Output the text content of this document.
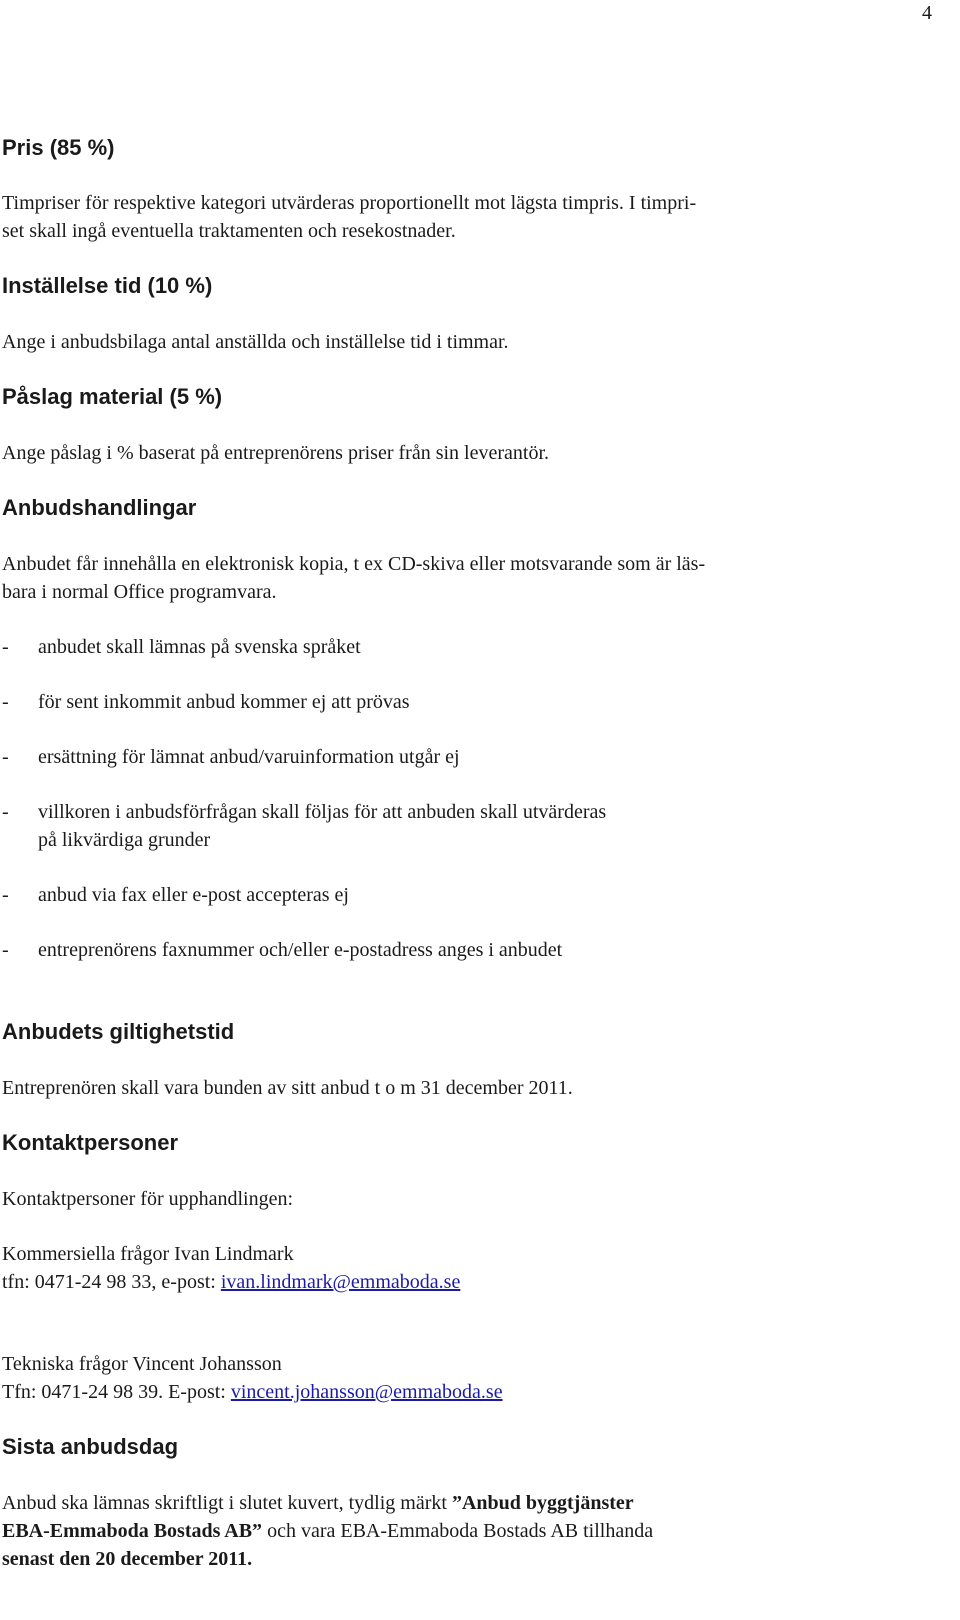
4
Pris (85 %)
Timpriser för respektive kategori utvärderas proportionellt mot lägsta timpris. I timpri-
set skall ingå eventuella traktamenten och resekostnader.
Inställelse tid (10 %)
Ange i anbudsbilaga antal anställda och inställelse tid i timmar.
Påslag material (5 %)
Ange påslag i % baserat på entreprenörens priser från sin leverantör.
Anbudshandlingar
Anbudet får innehålla en elektronisk kopia, t ex CD-skiva eller motsvarande som är läs-
bara i normal Office programvara.
- anbudet skall lämnas på svenska språket
- för sent inkommit anbud kommer ej att prövas
- ersättning för lämnat anbud/varuinformation utgår ej
- villkoren i anbudsförfrågan skall följas för att anbuden skall utvärderas
på likvärdiga grunder
- anbud via fax eller e-post accepteras ej
- entreprenörens faxnummer och/eller e-postadress anges i anbudet
Anbudets giltighetstid
Entreprenören skall vara bunden av sitt anbud t o m 31 december 2011.
Kontaktpersoner
Kontaktpersoner för upphandlingen:
Kommersiella frågor Ivan Lindmark
tfn: 0471-24 98 33, e-post: ivan.lindmark@emmaboda.se
Tekniska frågor Vincent Johansson
Tfn: 0471-24 98 39. E-post: vincent.johansson@emmaboda.se
Sista anbudsdag
Anbud ska lämnas skriftligt i slutet kuvert, tydlig märkt ”Anbud byggtjänster
EBA-Emmaboda Bostads AB” och vara EBA-Emmaboda Bostads AB tillhanda
senast den 20 december 2011.
